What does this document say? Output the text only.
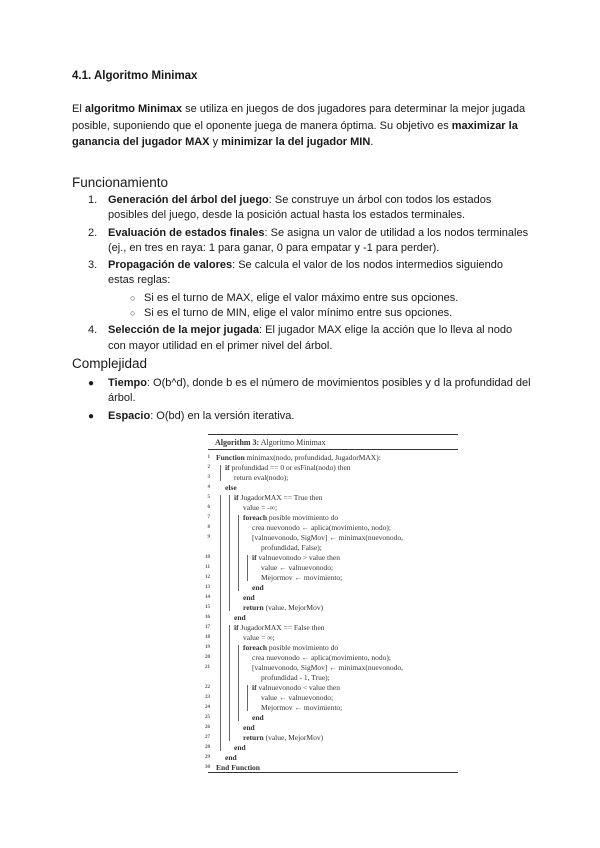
4.1. Algoritmo Minimax
El algoritmo Minimax se utiliza en juegos de dos jugadores para determinar la mejor jugada posible, suponiendo que el oponente juega de manera óptima. Su objetivo es maximizar la ganancia del jugador MAX y minimizar la del jugador MIN.
Funcionamiento
1. Generación del árbol del juego: Se construye un árbol con todos los estados posibles del juego, desde la posición actual hasta los estados terminales.
2. Evaluación de estados finales: Se asigna un valor de utilidad a los nodos terminales (ej., en tres en raya: 1 para ganar, 0 para empatar y -1 para perder).
3. Propagación de valores: Se calcula el valor de los nodos intermedios siguiendo estas reglas:
○ Si es el turno de MAX, elige el valor máximo entre sus opciones.
○ Si es el turno de MIN, elige el valor mínimo entre sus opciones.
4. Selección de la mejor jugada: El jugador MAX elige la acción que lo lleva al nodo con mayor utilidad en el primer nivel del árbol.
Complejidad
● Tiempo: O(b^d), donde b es el número de movimientos posibles y d la profundidad del árbol.
● Espacio: O(bd) en la versión iterativa.
Algorithm 3: Algoritmo Minimax
1 Function minimax(nodo, profundidad, JugadorMAX):
2 if profundidad == 0 or esFinal(nodo) then
3	return eval(nodo);
4 else
5	if JugadorMAX == True then
6	value = -∞;
7	foreach posible movimiento do
8	crea nuevonodo ← aplica(movimiento, nodo);
9	[valnuevonodo, SigMov] ← minimax(nuevonodo,
profundidad, False);
10	if valnuevonodo > value then
11	value ← valnuevonodo;
12	Mejormov ← movimiento;
13	end
14	end
15	return (value, MejorMov)
16	end
17	if JugadorMAX == False then
18	value = ∞;
19	foreach posible movimiento do
20	crea nuevonodo ← aplica(movimiento, nodo);
21	[valnuevonodo, SigMov] ← minimax(nuevonodo,
profundidad - 1, True);
22	if valnuevonodo < value then
23	value ← valnuevonodo;
24	Mejormov ← movimiento;
25	end
26	end
27	return (value, MejorMov)
28	end
29 end
30 End Function
